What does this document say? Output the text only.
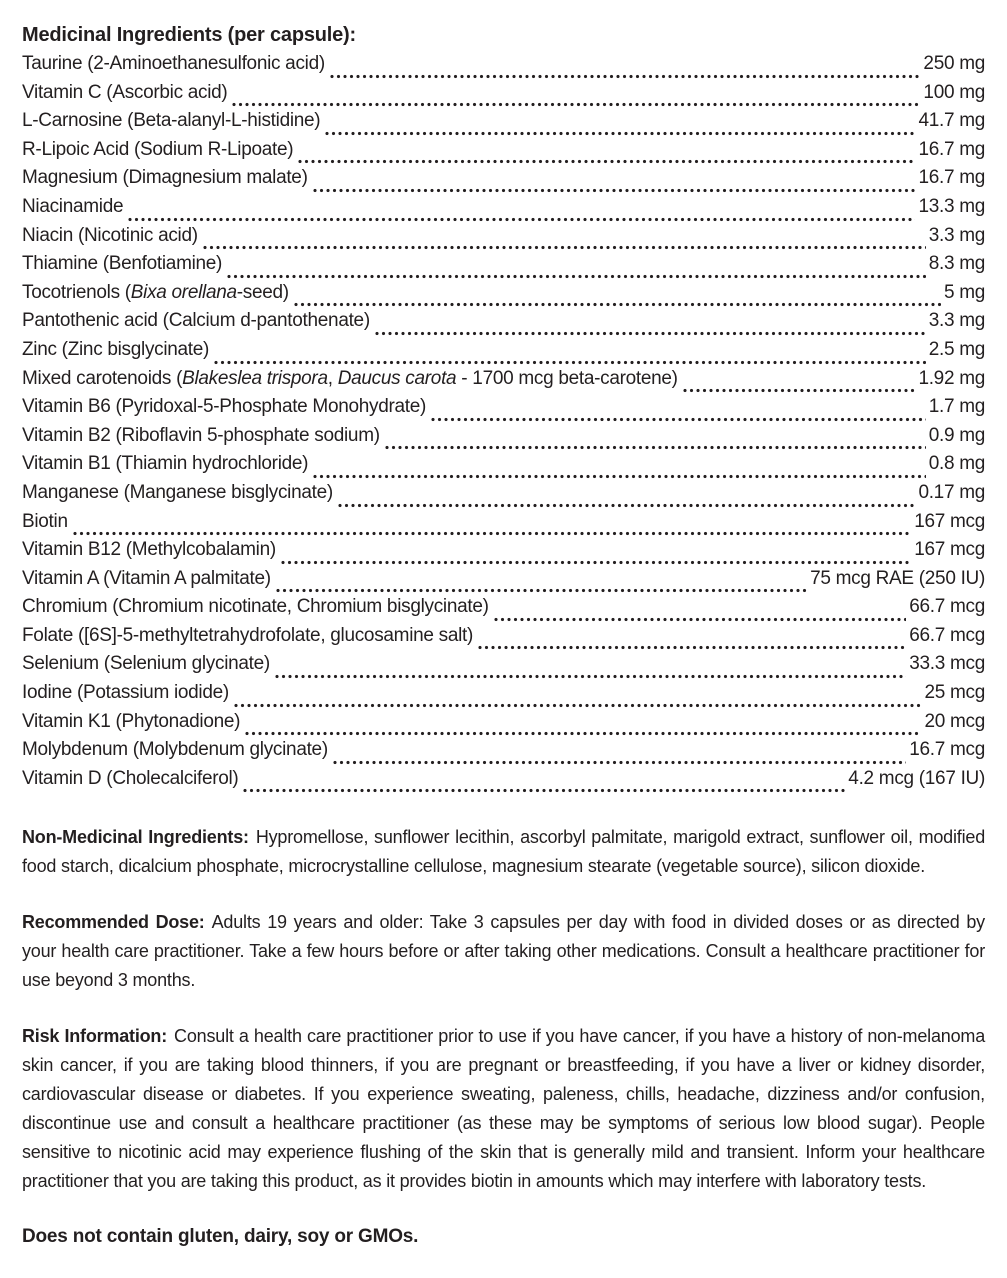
Medicinal Ingredients (per capsule):
Taurine (2-Aminoethanesulfonic acid)	250 mg
Vitamin C (Ascorbic acid)	100 mg
L-Carnosine (Beta-alanyl-L-histidine)	41.7 mg
R-Lipoic Acid (Sodium R-Lipoate)	16.7 mg
Magnesium (Dimagnesium malate)	16.7 mg
Niacinamide	13.3 mg
Niacin (Nicotinic acid)	3.3 mg
Thiamine (Benfotiamine)	8.3 mg
Tocotrienols (Bixa orellana-seed)	5 mg
Pantothenic acid (Calcium d-pantothenate)	3.3 mg
Zinc (Zinc bisglycinate)	2.5 mg
Mixed carotenoids (Blakeslea trispora, Daucus carota - 1700 mcg beta-carotene)	1.92 mg
Vitamin B6 (Pyridoxal-5-Phosphate Monohydrate)	1.7 mg
Vitamin B2 (Riboflavin 5-phosphate sodium)	0.9 mg
Vitamin B1 (Thiamin hydrochloride)	0.8 mg
Manganese (Manganese bisglycinate)	0.17 mg
Biotin	167 mcg
Vitamin B12 (Methylcobalamin)	167 mcg
Vitamin A (Vitamin A palmitate)	75 mcg RAE (250 IU)
Chromium (Chromium nicotinate, Chromium bisglycinate)	66.7 mcg
Folate ([6S]-5-methyltetrahydrofolate, glucosamine salt)	66.7 mcg
Selenium (Selenium glycinate)	33.3 mcg
Iodine (Potassium iodide)	25 mcg
Vitamin K1 (Phytonadione)	20 mcg
Molybdenum (Molybdenum glycinate)	16.7 mcg
Vitamin D (Cholecalciferol)	4.2 mcg (167 IU)

Non-Medicinal Ingredients: Hypromellose, sunflower lecithin, ascorbyl palmitate, marigold extract, sunflower oil, modified food starch, dicalcium phosphate, microcrystalline cellulose, magnesium stearate (vegetable source), silicon dioxide.

Recommended Dose: Adults 19 years and older: Take 3 capsules per day with food in divided doses or as directed by your health care practitioner. Take a few hours before or after taking other medications. Consult a healthcare practitioner for use beyond 3 months.

Risk Information: Consult a health care practitioner prior to use if you have cancer, if you have a history of non-melanoma skin cancer, if you are taking blood thinners, if you are pregnant or breastfeeding, if you have a liver or kidney disorder, cardiovascular disease or diabetes. If you experience sweating, paleness, chills, headache, dizziness and/or confusion, discontinue use and consult a healthcare practitioner (as these may be symptoms of serious low blood sugar). People sensitive to nicotinic acid may experience flushing of the skin that is generally mild and transient. Inform your healthcare practitioner that you are taking this product, as it provides biotin in amounts which may interfere with laboratory tests.

Does not contain gluten, dairy, soy or GMOs.
